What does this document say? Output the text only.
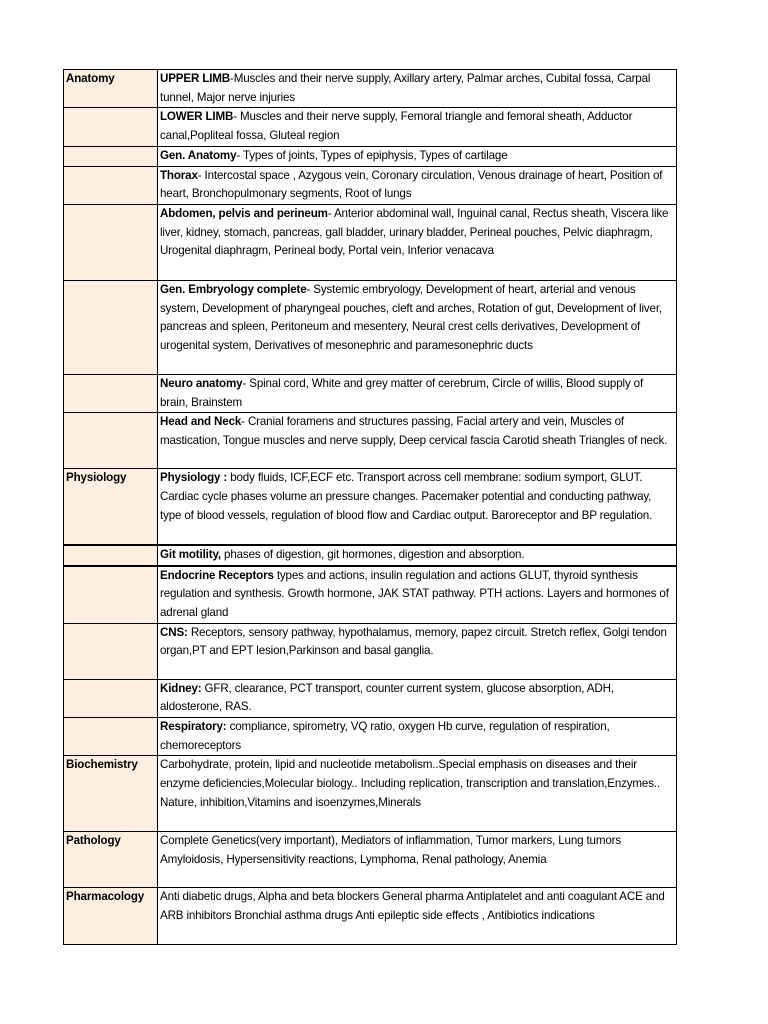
Anatomy	UPPER LIMB-Muscles and their nerve supply, Axillary artery, Palmar arches, Cubital fossa, Carpal tunnel, Major nerve injuries
	LOWER LIMB- Muscles and their nerve supply, Femoral triangle and femoral sheath, Adductor canal,Popliteal fossa, Gluteal region
	Gen. Anatomy- Types of joints, Types of epiphysis, Types of cartilage
	Thorax- Intercostal space , Azygous vein, Coronary circulation, Venous drainage of heart, Position of heart, Bronchopulmonary segments, Root of lungs
	Abdomen, pelvis and perineum- Anterior abdominal wall, Inguinal canal, Rectus sheath, Viscera like liver, kidney, stomach, pancreas, gall bladder, urinary bladder, Perineal pouches, Pelvic diaphragm, Urogenital diaphragm, Perineal body, Portal vein, Inferior venacava
	Gen. Embryology complete- Systemic embryology, Development of heart, arterial and venous system, Development of pharyngeal pouches, cleft and arches, Rotation of gut, Development of liver, pancreas and spleen, Peritoneum and mesentery, Neural crest cells derivatives, Development of urogenital system, Derivatives of mesonephric and paramesonephric ducts
	Neuro anatomy- Spinal cord, White and grey matter of cerebrum, Circle of willis, Blood supply of brain, Brainstem
	Head and Neck- Cranial foramens and structures passing, Facial artery and vein, Muscles of mastication, Tongue muscles and nerve supply, Deep cervical fascia Carotid sheath Triangles of neck.
Physiology	Physiology : body fluids, ICF,ECF etc. Transport across cell membrane: sodium symport, GLUT. Cardiac cycle phases volume an pressure changes. Pacemaker potential and conducting pathway, type of blood vessels, regulation of blood flow and Cardiac output. Baroreceptor and BP regulation.
	Git motility, phases of digestion, git hormones, digestion and absorption.
	Endocrine Receptors types and actions, insulin regulation and actions GLUT, thyroid synthesis regulation and synthesis. Growth hormone, JAK STAT pathway. PTH actions. Layers and hormones of adrenal gland
	CNS: Receptors, sensory pathway, hypothalamus, memory, papez circuit. Stretch reflex, Golgi tendon organ,PT and EPT lesion,Parkinson and basal ganglia.
	Kidney: GFR, clearance, PCT transport, counter current system, glucose absorption, ADH, aldosterone, RAS.
	Respiratory: compliance, spirometry, VQ ratio, oxygen Hb curve, regulation of respiration, chemoreceptors
Biochemistry	Carbohydrate, protein, lipid and nucleotide metabolism..Special emphasis on diseases and their enzyme deficiencies,Molecular biology.. Including replication, transcription and translation,Enzymes.. Nature, inhibition,Vitamins and isoenzymes,Minerals
Pathology	Complete Genetics(very important), Mediators of inflammation, Tumor markers, Lung tumors Amyloidosis, Hypersensitivity reactions, Lymphoma, Renal pathology, Anemia
Pharmacology	Anti diabetic drugs, Alpha and beta blockers General pharma Antiplatelet and anti coagulant ACE and ARB inhibitors Bronchial asthma drugs Anti epileptic side effects , Antibiotics indications
